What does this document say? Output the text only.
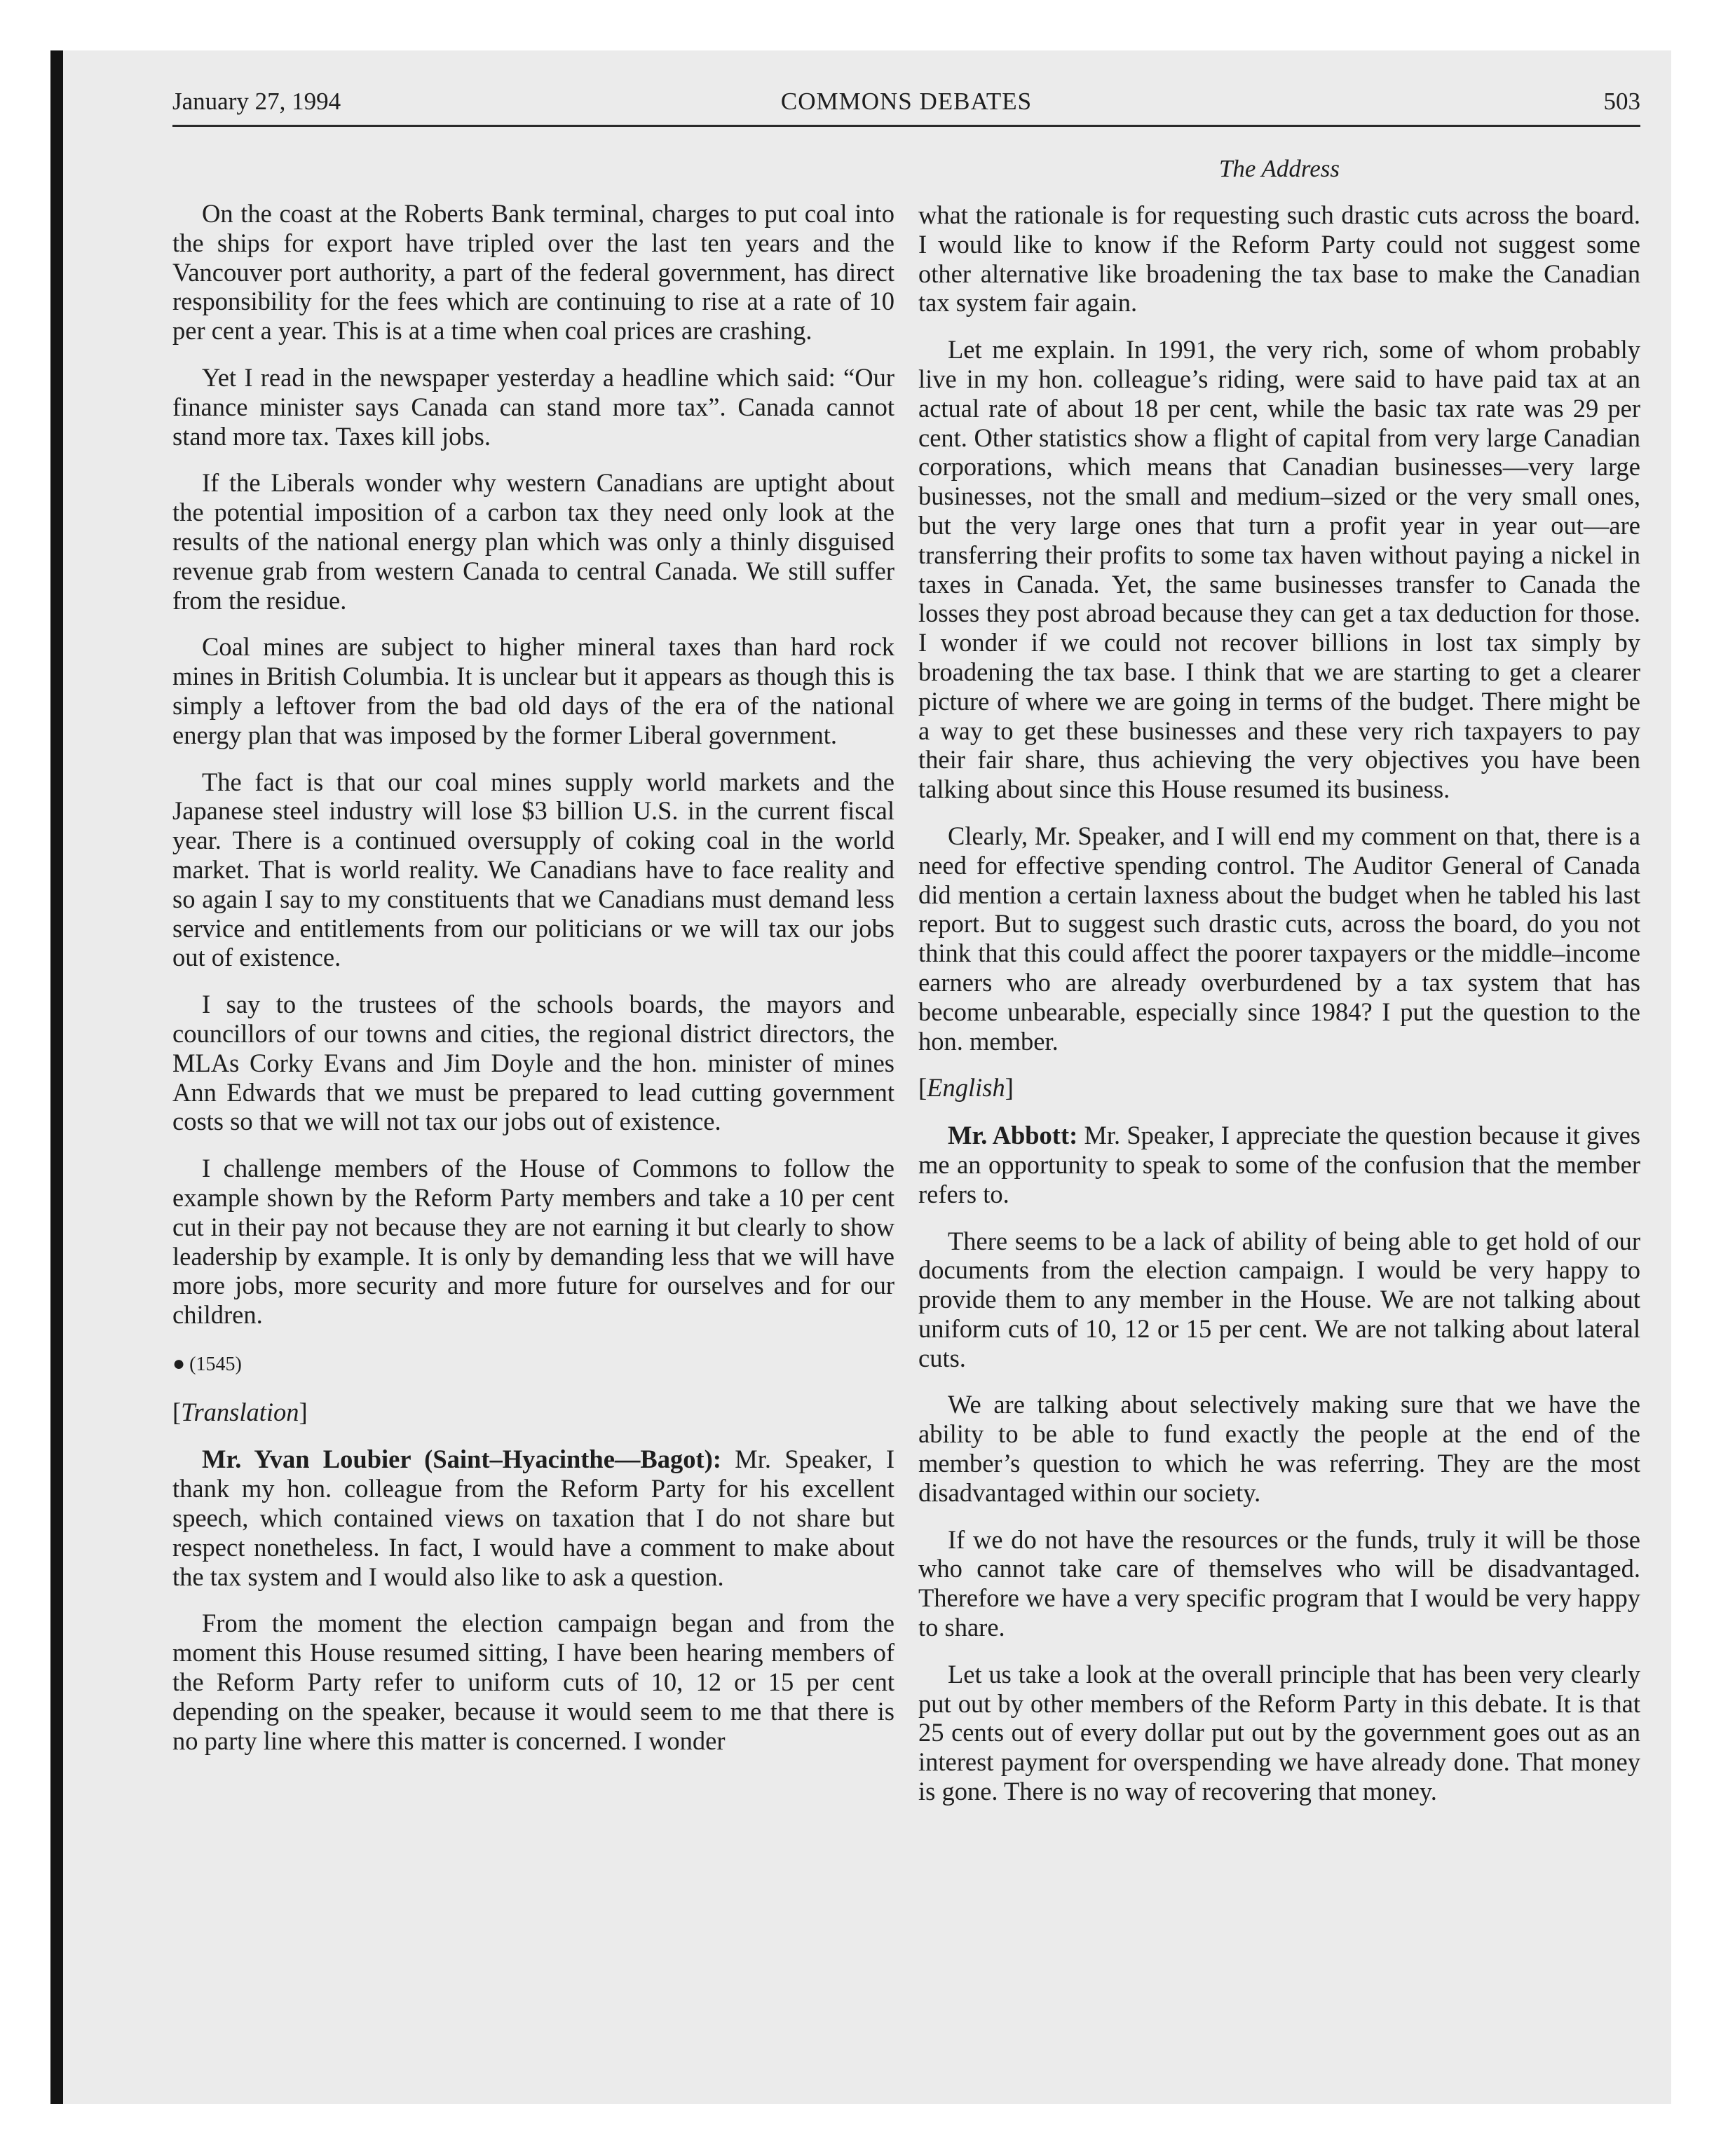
January 27, 1994	COMMONS DEBATES	503

On the coast at the Roberts Bank terminal, charges to put coal into the ships for export have tripled over the last ten years and the Vancouver port authority, a part of the federal government, has direct responsibility for the fees which are continuing to rise at a rate of 10 per cent a year. This is at a time when coal prices are crashing.

Yet I read in the newspaper yesterday a headline which said: “Our finance minister says Canada can stand more tax”. Canada cannot stand more tax. Taxes kill jobs.

If the Liberals wonder why western Canadians are uptight about the potential imposition of a carbon tax they need only look at the results of the national energy plan which was only a thinly disguised revenue grab from western Canada to central Canada. We still suffer from the residue.

Coal mines are subject to higher mineral taxes than hard rock mines in British Columbia. It is unclear but it appears as though this is simply a leftover from the bad old days of the era of the national energy plan that was imposed by the former Liberal government.

The fact is that our coal mines supply world markets and the Japanese steel industry will lose $3 billion U.S. in the current fiscal year. There is a continued oversupply of coking coal in the world market. That is world reality. We Canadians have to face reality and so again I say to my constituents that we Canadians must demand less service and entitlements from our politicians or we will tax our jobs out of existence.

I say to the trustees of the schools boards, the mayors and councillors of our towns and cities, the regional district directors, the MLAs Corky Evans and Jim Doyle and the hon. minister of mines Ann Edwards that we must be prepared to lead cutting government costs so that we will not tax our jobs out of existence.

I challenge members of the House of Commons to follow the example shown by the Reform Party members and take a 10 per cent cut in their pay not because they are not earning it but clearly to show leadership by example. It is only by demanding less that we will have more jobs, more security and more future for ourselves and for our children.

● (1545)
[Translation]

Mr. Yvan Loubier (Saint–Hyacinthe—Bagot): Mr. Speaker, I thank my hon. colleague from the Reform Party for his excellent speech, which contained views on taxation that I do not share but respect nonetheless. In fact, I would have a comment to make about the tax system and I would also like to ask a question.

From the moment the election campaign began and from the moment this House resumed sitting, I have been hearing members of the Reform Party refer to uniform cuts of 10, 12 or 15 per cent depending on the speaker, because it would seem to me that there is no party line where this matter is concerned. I wonder

The Address

what the rationale is for requesting such drastic cuts across the board. I would like to know if the Reform Party could not suggest some other alternative like broadening the tax base to make the Canadian tax system fair again.

Let me explain. In 1991, the very rich, some of whom probably live in my hon. colleague’s riding, were said to have paid tax at an actual rate of about 18 per cent, while the basic tax rate was 29 per cent. Other statistics show a flight of capital from very large Canadian corporations, which means that Canadian businesses—very large businesses, not the small and medium–sized or the very small ones, but the very large ones that turn a profit year in year out—are transferring their profits to some tax haven without paying a nickel in taxes in Canada. Yet, the same businesses transfer to Canada the losses they post abroad because they can get a tax deduction for those. I wonder if we could not recover billions in lost tax simply by broadening the tax base. I think that we are starting to get a clearer picture of where we are going in terms of the budget. There might be a way to get these businesses and these very rich taxpayers to pay their fair share, thus achieving the very objectives you have been talking about since this House resumed its business.

Clearly, Mr. Speaker, and I will end my comment on that, there is a need for effective spending control. The Auditor General of Canada did mention a certain laxness about the budget when he tabled his last report. But to suggest such drastic cuts, across the board, do you not think that this could affect the poorer taxpayers or the middle–income earners who are already overburdened by a tax system that has become unbearable, especially since 1984? I put the question to the hon. member.

[English]

Mr. Abbott: Mr. Speaker, I appreciate the question because it gives me an opportunity to speak to some of the confusion that the member refers to.

There seems to be a lack of ability of being able to get hold of our documents from the election campaign. I would be very happy to provide them to any member in the House. We are not talking about uniform cuts of 10, 12 or 15 per cent. We are not talking about lateral cuts.

We are talking about selectively making sure that we have the ability to be able to fund exactly the people at the end of the member’s question to which he was referring. They are the most disadvantaged within our society.

If we do not have the resources or the funds, truly it will be those who cannot take care of themselves who will be disadvantaged. Therefore we have a very specific program that I would be very happy to share.

Let us take a look at the overall principle that has been very clearly put out by other members of the Reform Party in this debate. It is that 25 cents out of every dollar put out by the government goes out as an interest payment for overspending we have already done. That money is gone. There is no way of recovering that money.
